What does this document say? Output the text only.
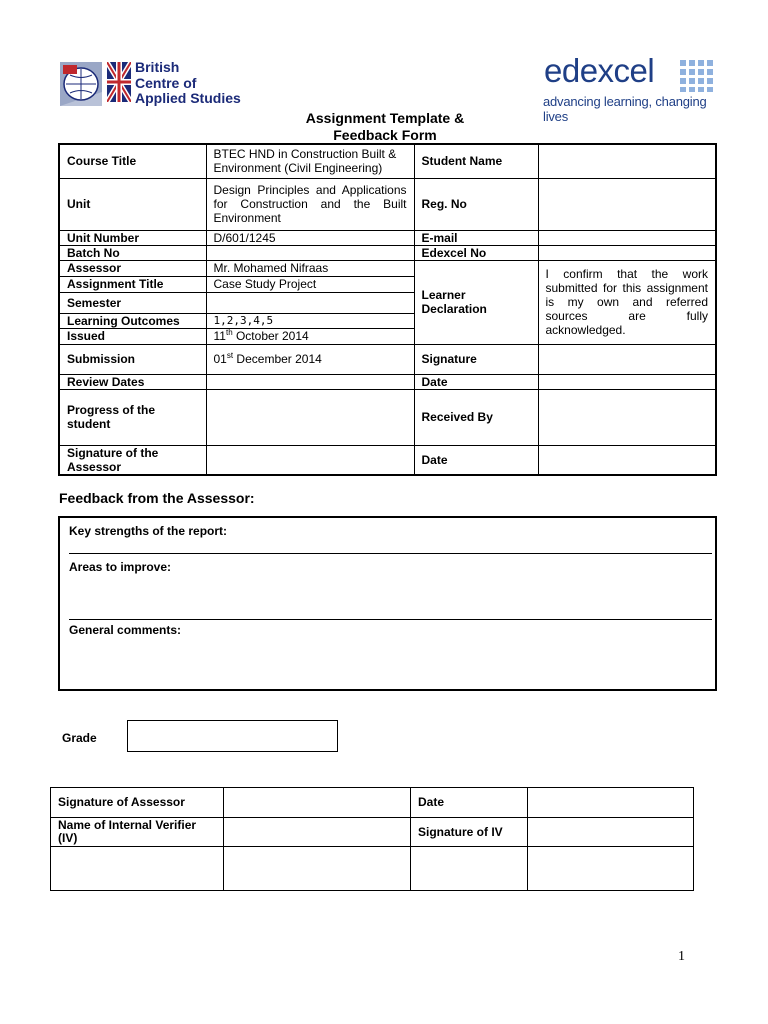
British
Centre of
Applied Studies
edexcel
advancing learning, changing lives
Assignment Template &
Feedback Form
Course Title	BTEC HND in Construction Built & Environment (Civil Engineering)	Student Name	
Unit	Design Principles and Applications for Construction and the Built Environment	Reg. No	
Unit Number	D/601/1245	E-mail	
Batch No		Edexcel No	
Assessor	Mr. Mohamed Nifraas	Learner Declaration	I confirm that the work submitted for this assignment is my own and referred sources are fully acknowledged.
Assignment Title	Case Study Project		
Semester			
Learning Outcomes	1,2,3,4,5		
Issued	11th October 2014		
Submission	01st December 2014	Signature	
Review Dates		Date	
Progress of the student		Received By	
Signature of the Assessor		Date	
Feedback from the Assessor:
Key strengths of the report:
Areas to improve:
General comments:
Grade
Signature of Assessor		Date	
Name of Internal Verifier (IV)		Signature of IV	

1
